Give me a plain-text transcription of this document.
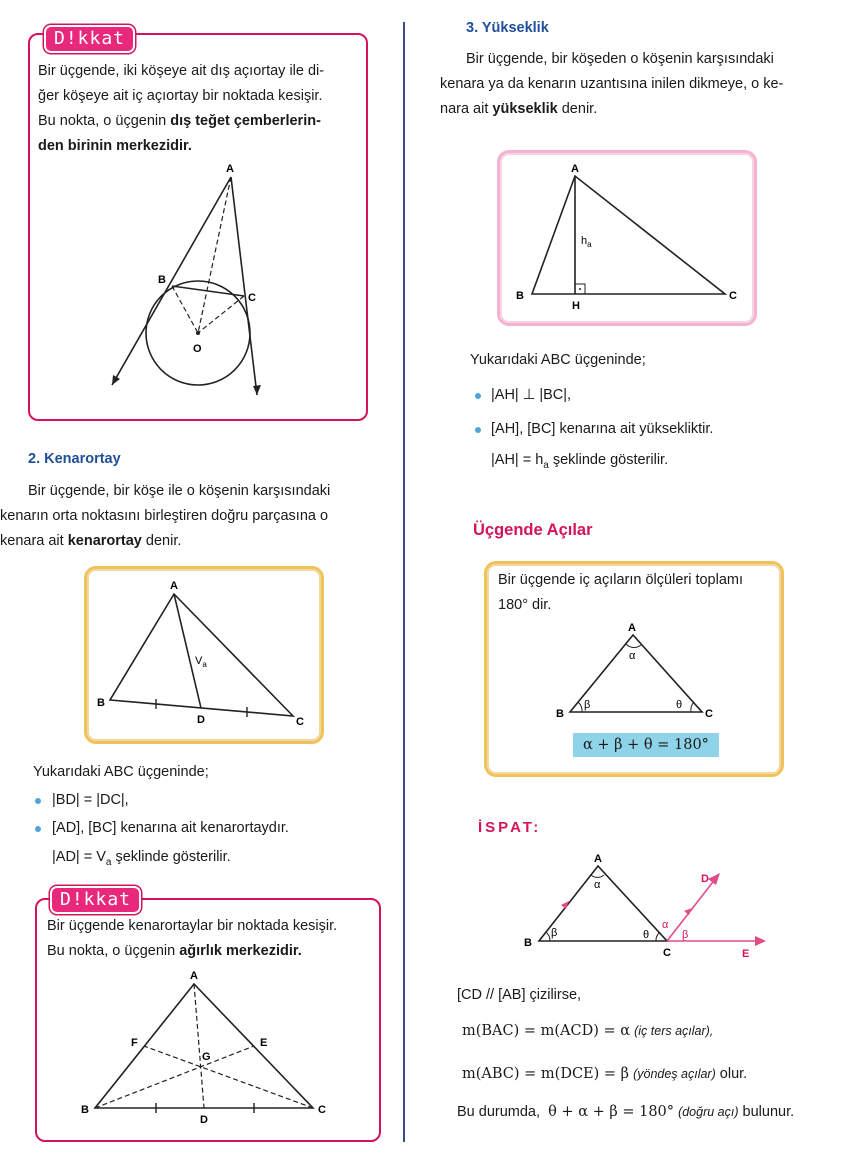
D!kkat
Bir üçgende, iki köşeye ait dış açıortay ile di-
ğer köşeye ait iç açıortay bir noktada kesişir.
Bu nokta, o üçgenin dış teğet çemberlerin-
den birinin merkezidir.
A
B
C
O
2. Kenarortay
Bir üçgende, bir köşe ile o köşenin karşısındaki
kenarın orta noktasını birleştiren doğru parçasına o
kenara ait kenarortay denir.
A
B
C
D
$V_a$
Yukarıdaki ABC üçgeninde;
|BD| = |DC|,
[AD], [BC] kenarına ait kenarortaydır.
$|AD| = V_a$ şeklinde gösterilir.
D!kkat
Bir üçgende kenarortaylar bir noktada kesişir.
Bu nokta, o üçgenin ağırlık merkezidir.
A
B	C
D
E
F
G
3. Yükseklik
Bir üçgende, bir köşeden o köşenin karşısındaki
kenara ya da kenarın uzantısına inilen dikmeye, o ke-
nara ait yükseklik denir.
A
B	C
H
$h_a$
Yukarıdaki ABC üçgeninde;
|AH| ⊥ |BC|,
[AH], [BC] kenarına ait yüksekliktir.
$|AH| = h_a$ şeklinde gösterilir.
Üçgende Açılar
Bir üçgende iç açıların ölçüleri toplamı
180° dir.
A
B	C
α
β	θ
α + β + θ = 180°
İSPAT:
A
B
C
D
E
α
β	θ
α
β
[CD // [AB] çizilirse,
m(BAC) = m(ACD) = α (iç ters açılar),
m(ABC) = m(DCE) = β (yöndeş açılar) olur.
Bu durumda, θ + α + β = 180° (doğru açı) bulunur.
